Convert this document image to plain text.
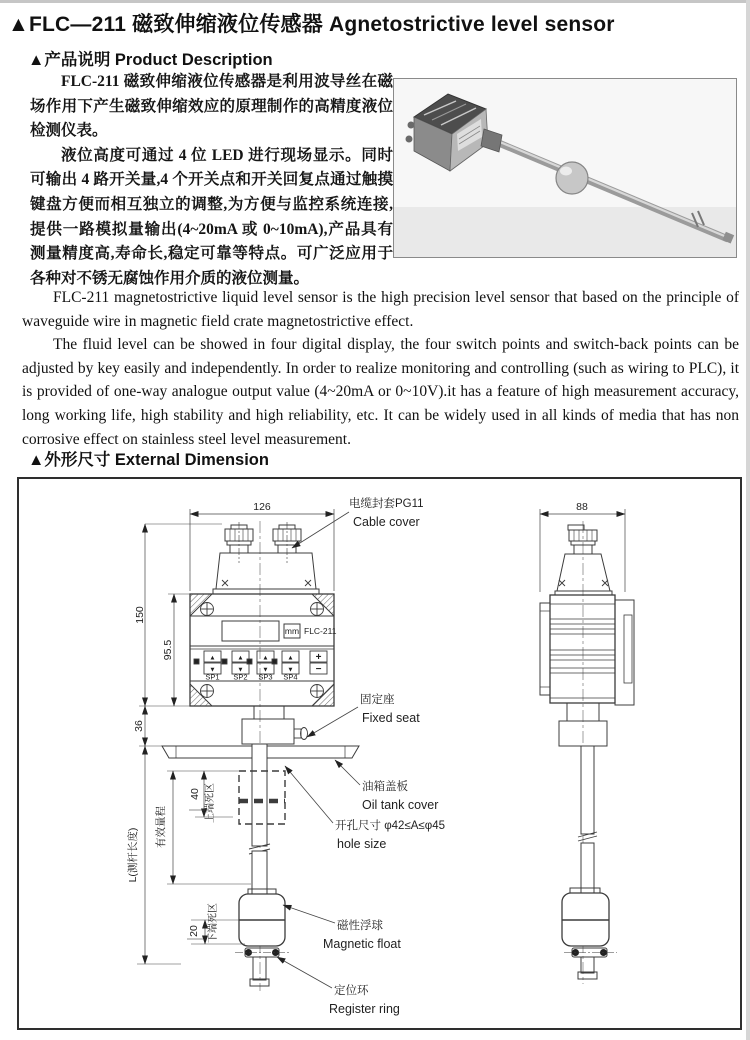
▲FLC—211 磁致伸缩液位传感器 Agnetostrictive level sensor
▲产品说明 Product Description

FLC-211 磁致伸缩液位传感器是利用波导丝在磁场作用下产生磁致伸缩效应的原理制作的高精度液位检测仪表。

液位高度可通过 4 位 LED 进行现场显示。同时可输出 4 路开关量,4 个开关点和开关回复点通过触摸键盘方便而相互独立的调整,为方便与监控系统连接,提供一路模拟量输出(4~20mA 或 0~10mA),产品具有测量精度高,寿命长,稳定可靠等特点。可广泛应用于各种对不锈无腐蚀作用介质的液位测量。

FLC-211 magnetostrictive liquid level sensor is the high precision level sensor that based on the principle of waveguide wire in magnetic field crate magnetostrictive effect.

The fluid level can be showed in four digital display, the four switch points and switch-back points can be adjusted by key easily and independently. In order to realize monitoring and controlling (such as wiring to PLC), it is provided of one-way analogue output value (4~20mA or 0~10V).it has a feature of high measurement accuracy, long working life, high stability and high reliability, etc. It can be widely used in all kinds of media that has non corrosive effect on stainless steel level measurement.

▲外形尺寸 External Dimension
126	88
150
95.5
36
L(测杆长度)
有效量程
40 上端死区
20 下端死区
mm FLC-211
▲
▼
▲
▼
▲
▼
▲
▼
+
−
SP1 SP2 SP3 SP4
电缆封套PG11
Cable cover
固定座
Fixed seat
油箱盖板
Oil tank cover
开孔尺寸 φ42≤A≤φ45
hole size
磁性浮球
Magnetic float
定位环
Register ring
